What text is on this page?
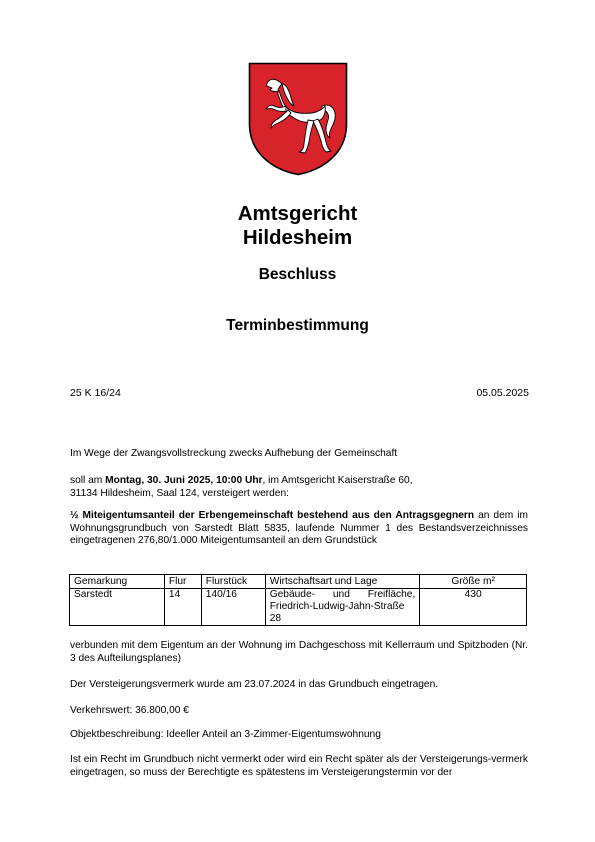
Amtsgericht
Hildesheim
Beschluss
Terminbestimmung
25 K 16/24	05.05.2025
Im Wege der Zwangsvollstreckung zwecks Aufhebung der Gemeinschaft
soll am Montag, 30. Juni 2025, 10:00 Uhr, im Amtsgericht Kaiserstraße 60,
31134 Hildesheim, Saal 124, versteigert werden:
½ Miteigentumsanteil der Erbengemeinschaft bestehend aus den Antragsgegnern an dem im Wohnungsgrundbuch von Sarstedt Blatt 5835, laufende Nummer 1 des Bestandsverzeichnisses eingetragenen 276,80/1.000 Miteigentumsanteil an dem Grundstück
Gemarkung	Flur	Flurstück	Wirtschaftsart und Lage	Größe m²
Sarstedt	14	140/16	Gebäude- und Freifläche, Friedrich-Ludwig-Jahn-Straße 28	430
verbunden mit dem Eigentum an der Wohnung im Dachgeschoss mit Kellerraum und Spitzboden (Nr. 3 des Aufteilungsplanes)
Der Versteigerungsvermerk wurde am 23.07.2024 in das Grundbuch eingetragen.
Verkehrswert: 36.800,00 €
Objektbeschreibung: Ideeller Anteil an 3-Zimmer-Eigentumswohnung
Ist ein Recht im Grundbuch nicht vermerkt oder wird ein Recht später als der Versteigerungs-vermerk eingetragen, so muss der Berechtigte es spätestens im Versteigerungstermin vor der
